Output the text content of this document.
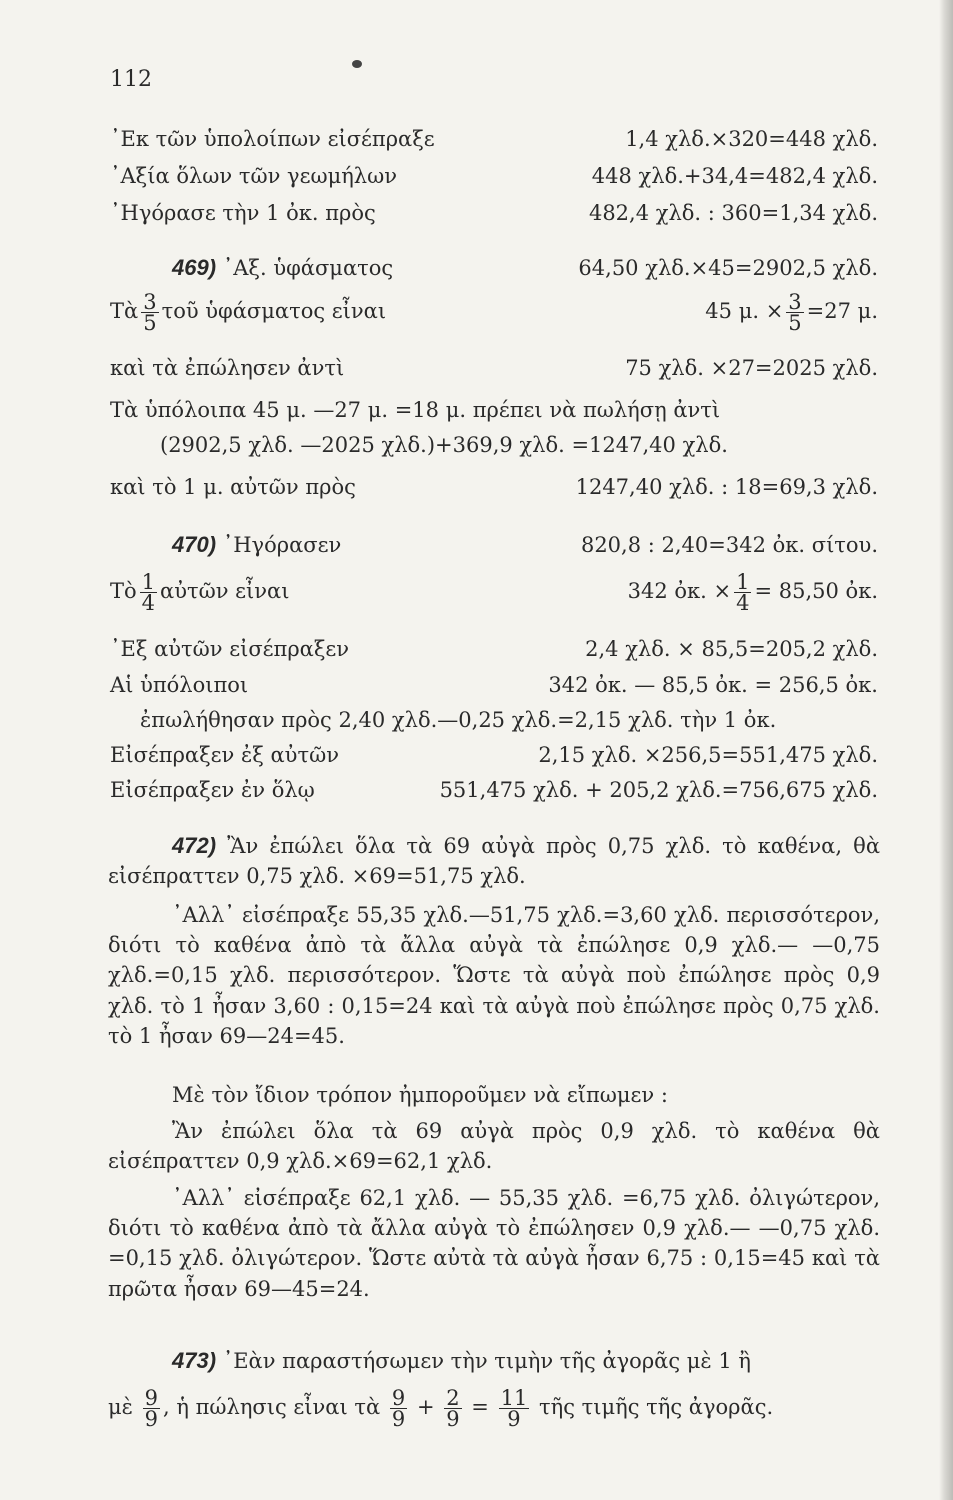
112
᾿Εκ τῶν ὑπολοίπων εἰσέπραξε	1,4 χλδ.×320=448 χλδ.
᾿Αξία ὅλων τῶν γεωμήλων	448 χλδ.+34,4=482,4 χλδ.
᾿Ηγόρασε τὴν 1 ὀκ. πρὸς	482,4 χλδ. : 360=1,34 χλδ.
469) ᾿Αξ. ὑφάσματος	64,50 χλδ.×45=2902,5 χλδ.
Τὰ $\frac{3}{5}$ τοῦ ὑφάσματος εἶναι	45 μ. × $\frac{3}{5} =27$ μ.
καὶ τὰ ἐπώλησεν ἀντὶ	75 χλδ. ×27=2025 χλδ.
Τὰ ὑπόλοιπα 45 μ. —27 μ. =18 μ. πρέπει νὰ πωλήσῃ ἀντὶ
(2902,5 χλδ. —2025 χλδ.)+369,9 χλδ. =1247,40 χλδ.
καὶ τὸ 1 μ. αὐτῶν πρὸς	1247,40 χλδ. : 18=69,3 χλδ.
470) ᾿Ηγόρασεν	820,8 : 2,40=342 ὀκ. σίτου.
Τὸ $\frac{1}{4}$ αὐτῶν εἶναι	342 ὀκ. × $\frac{1}{4} = 85,50$ ὀκ.
᾿Εξ αὐτῶν εἰσέπραξεν	2,4 χλδ. × 85,5=205,2 χλδ.
Αἱ ὑπόλοιποι	342 ὀκ. — 85,5 ὀκ. = 256,5 ὀκ.
ἐπωλήθησαν πρὸς 2,40 χλδ.—0,25 χλδ.=2,15 χλδ. τὴν 1 ὀκ.
Εἰσέπραξεν ἐξ αὐτῶν	2,15 χλδ. ×256,5=551,475 χλδ.
Εἰσέπραξεν ἐν ὅλῳ	551,475 χλδ. + 205,2 χλδ.=756,675 χλδ.
472) Ἂν ἐπώλει ὅλα τὰ 69 αὐγὰ πρὸς 0,75 χλδ. τὸ καθένα, θὰ εἰσέπραττεν 0,75 χλδ. ×69=51,75 χλδ.
᾿Αλλ᾿ εἰσέπραξε 55,35 χλδ.—51,75 χλδ.=3,60 χλδ. περισσότερον, διότι τὸ καθένα ἀπὸ τὰ ἄλλα αὐγὰ τὰ ἐπώλησε 0,9 χλδ.— —0,75 χλδ.=0,15 χλδ. περισσότερον. Ὥστε τὰ αὐγὰ ποὺ ἐπώλησε πρὸς 0,9 χλδ. τὸ 1 ἦσαν 3,60 : 0,15=24 καὶ τὰ αὐγὰ ποὺ ἐπώλησε πρὸς 0,75 χλδ. τὸ 1 ἦσαν 69—24=45.
Μὲ τὸν ἴδιον τρόπον ἠμποροῦμεν νὰ εἴπωμεν :
Ἂν ἐπώλει ὅλα τὰ 69 αὐγὰ πρὸς 0,9 χλδ. τὸ καθένα θὰ εἰσέπραττεν 0,9 χλδ.×69=62,1 χλδ.
᾿Αλλ᾿ εἰσέπραξε 62,1 χλδ. — 55,35 χλδ. =6,75 χλδ. ὀλιγώτερον, διότι τὸ καθένα ἀπὸ τὰ ἄλλα αὐγὰ τὸ ἐπώλησεν 0,9 χλδ.— —0,75 χλδ. =0,15 χλδ. ὀλιγώτερον. Ὥστε αὐτὰ τὰ αὐγὰ ἦσαν 6,75 : 0,15=45 καὶ τὰ πρῶτα ἦσαν 69—45=24.
473) ᾿Εὰν παραστήσωμεν τὴν τιμὴν τῆς ἀγορᾶς μὲ 1 ἢ
μὲ $\frac{9}{9}$ , ἡ πώλησις εἶναι τὰ $\frac{9}{9} + \frac{2}{9} = \frac{11}{9}$ τῆς τιμῆς τῆς ἀγορᾶς.
